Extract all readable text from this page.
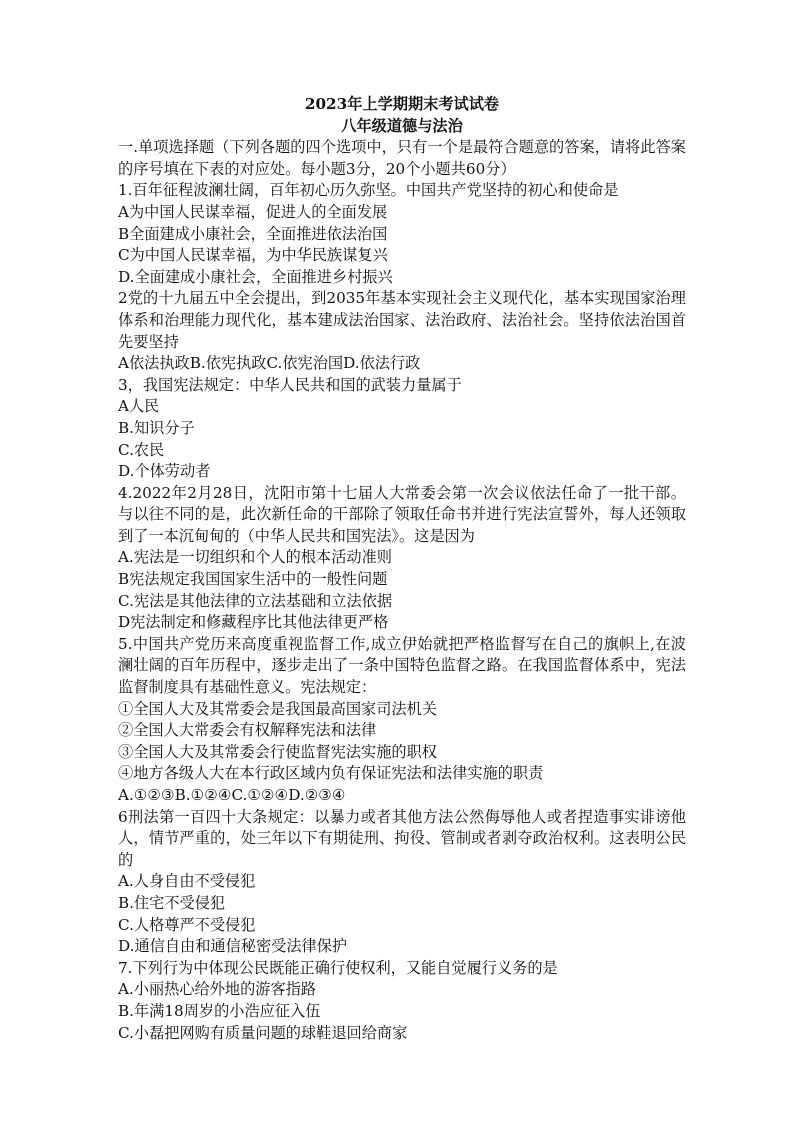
2023年上学期期末考试试卷
八年级道德与法治
一.单项选择题（下列各题的四个选项中，只有一个是最符合题意的答案，请将此答案的序号填在下表的对应处。每小题3分，20个小题共60分）
1.百年征程波澜壮阔，百年初心历久弥坚。中国共产党坚持的初心和使命是
A为中国人民谋幸福，促进人的全面发展
B全面建成小康社会，全面推进依法治国
C为中国人民谋幸福，为中华民族谋复兴
D.全面建成小康社会，全面推进乡村振兴
2党的十九届五中全会提出，到2035年基本实现社会主义现代化，基本实现国家治理体系和治理能力现代化，基本建成法治国家、法治政府、法治社会。坚持依法治国首先要坚持
A依法执政B.依宪执政C.依宪治国D.依法行政
3，我国宪法规定：中华人民共和国的武装力量属于
A人民
B.知识分子
C.农民
D.个体劳动者
4.2022年2月28日，沈阳市第十七届人大常委会第一次会议依法任命了一批干部。与以往不同的是，此次新任命的干部除了领取任命书并进行宪法宣誓外，每人还领取到了一本沉甸甸的（中华人民共和国宪法》。这是因为
A.宪法是一切组织和个人的根本活动准则
B宪法规定我国国家生活中的一般性问题
C.宪法是其他法律的立法基础和立法依据
D宪法制定和修藏程序比其他法律更严格
5.中国共产党历来高度重视监督工作,成立伊始就把严格监督写在自己的旗帜上,在波澜壮阔的百年历程中，逐步走出了一条中国特色监督之路。在我国监督体系中，宪法监督制度具有基础性意义。宪法规定：
①全国人大及其常委会是我国最高国家司法机关
②全国人大常委会有权解释宪法和法律
③全国人大及其常委会行使监督宪法实施的职权
④地方各级人大在本行政区域内负有保证宪法和法律实施的职责
A.①②③B.①②④C.①②④D.②③④
6刑法第一百四十大条规定：以暴力或者其他方法公然侮辱他人或者捏造事实诽谤他人，情节严重的，处三年以下有期徒刑、拘役、管制或者剥夺政治权利。这表明公民的
A.人身自由不受侵犯
B.住宅不受侵犯
C.人格尊严不受侵犯
D.通信自由和通信秘密受法律保护
7.下列行为中体现公民既能正确行使权利，又能自觉履行义务的是
A.小丽热心给外地的游客指路
B.年满18周岁的小浩应征入伍
C.小磊把网购有质量问题的球鞋退回给商家
